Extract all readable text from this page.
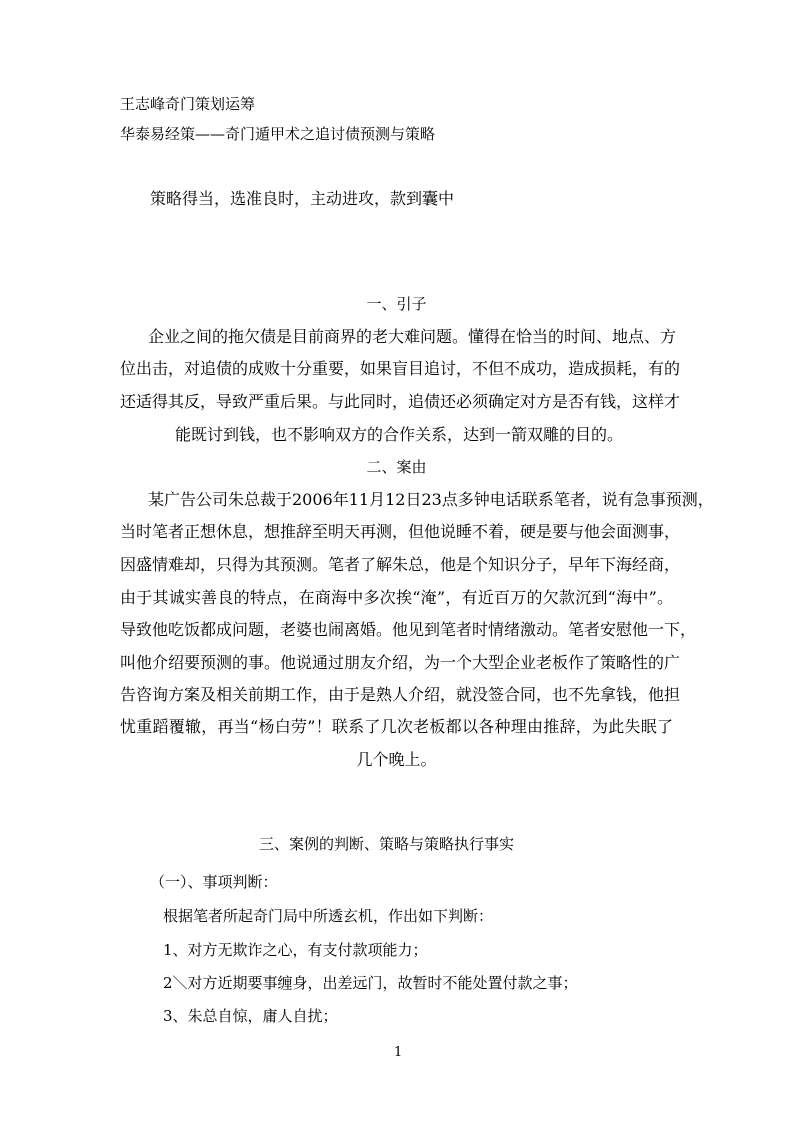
王志峰奇门策划运筹

华泰易经策——奇门遁甲术之追讨债预测与策略

策略得当，选准良时，主动进攻，款到囊中

一、引子

企业之间的拖欠债是目前商界的老大难问题。懂得在恰当的时间、地点、方

位出击，对追债的成败十分重要，如果盲目追讨，不但不成功，造成损耗，有的

还适得其反，导致严重后果。与此同时，追债还必须确定对方是否有钱，这样才

能既讨到钱，也不影响双方的合作关系，达到一箭双雕的目的。

二、案由

某广告公司朱总裁于2006年11月12日23点多钟电话联系笔者，说有急事预测，

当时笔者正想休息，想推辞至明天再测，但他说睡不着，硬是要与他会面测事，

因盛情难却，只得为其预测。笔者了解朱总，他是个知识分子，早年下海经商，

由于其诚实善良的特点，在商海中多次挨“淹”，有近百万的欠款沉到“海中”。

导致他吃饭都成问题，老婆也闹离婚。他见到笔者时情绪激动。笔者安慰他一下，

叫他介绍要预测的事。他说通过朋友介绍，为一个大型企业老板作了策略性的广

告咨询方案及相关前期工作，由于是熟人介绍，就没签合同，也不先拿钱，他担

忧重蹈覆辙，再当“杨白劳”！联系了几次老板都以各种理由推辞，为此失眠了

几个晚上。

三、案例的判断、策略与策略执行事实

（一）、事项判断：

根据笔者所起奇门局中所透玄机，作出如下判断：

1、对方无欺诈之心，有支付款项能力；

2＼对方近期要事缠身，出差远门，故暂时不能处置付款之事；

3、朱总自惊，庸人自扰；

1
